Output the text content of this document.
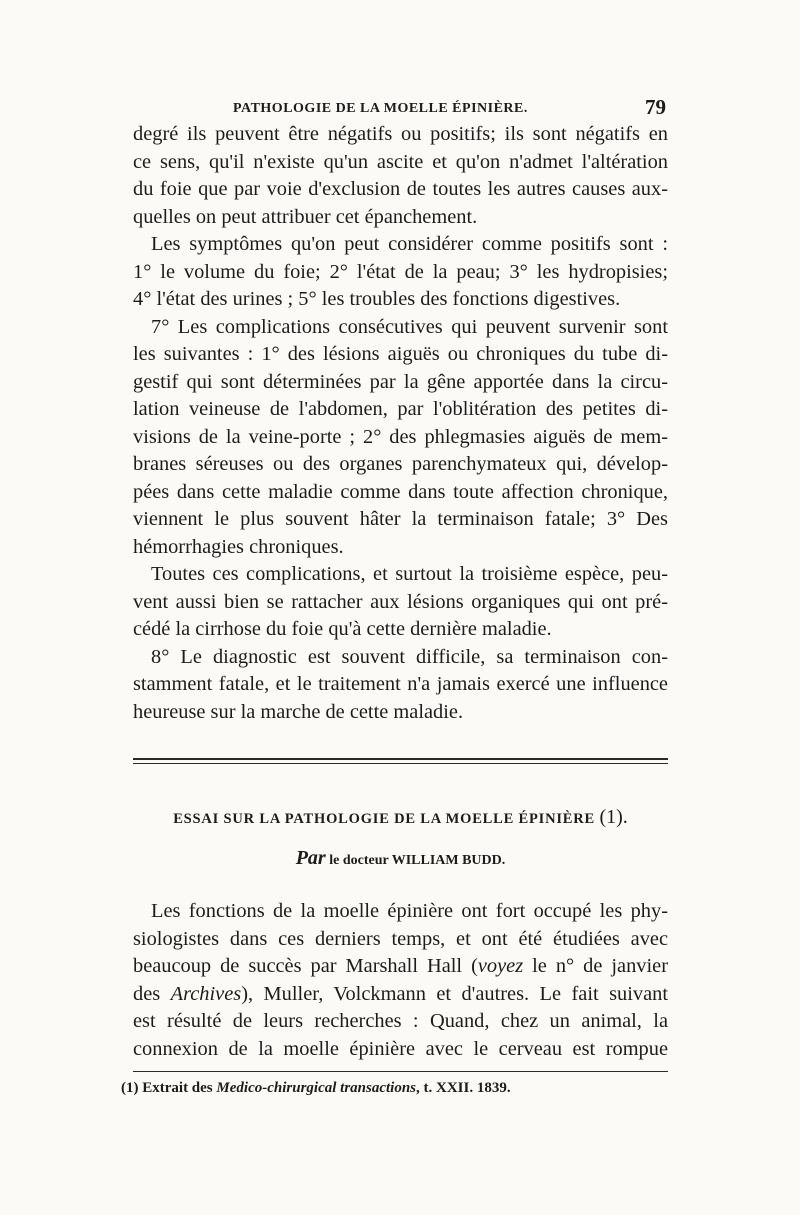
PATHOLOGIE DE LA MOELLE ÉPINIÈRE.	79

degré ils peuvent être négatifs ou positifs; ils sont négatifs en
ce sens, qu'il n'existe qu'un ascite et qu'on n'admet l'altération
du foie que par voie d'exclusion de toutes les autres causes aux-
quelles on peut attribuer cet épanchement.

Les symptômes qu'on peut considérer comme positifs sont :
1° le volume du foie; 2° l'état de la peau; 3° les hydropisies;
4° l'état des urines ; 5° les troubles des fonctions digestives.

7° Les complications consécutives qui peuvent survenir sont
les suivantes : 1° des lésions aiguës ou chroniques du tube di-
gestif qui sont déterminées par la gêne apportée dans la circu-
lation veineuse de l'abdomen, par l'oblitération des petites di-
visions de la veine-porte ; 2° des phlegmasies aiguës de mem-
branes séreuses ou des organes parenchymateux qui, dévelop-
pées dans cette maladie comme dans toute affection chronique,
viennent le plus souvent hâter la terminaison fatale; 3° Des
hémorrhagies chroniques.

Toutes ces complications, et surtout la troisième espèce, peu-
vent aussi bien se rattacher aux lésions organiques qui ont pré-
cédé la cirrhose du foie qu'à cette dernière maladie.

8° Le diagnostic est souvent difficile, sa terminaison con-
stamment fatale, et le traitement n'a jamais exercé une influence
heureuse sur la marche de cette maladie.

ESSAI SUR LA PATHOLOGIE DE LA MOELLE ÉPINIÈRE (1).
Par le docteur WILLIAM BUDD.

Les fonctions de la moelle épinière ont fort occupé les phy-
siologistes dans ces derniers temps, et ont été étudiées avec
beaucoup de succès par Marshall Hall (voyez le n° de janvier
des Archives), Muller, Volckmann et d'autres. Le fait suivant
est résulté de leurs recherches : Quand, chez un animal, la
connexion de la moelle épinière avec le cerveau est rompue

(1) Extrait des Medico-chirurgical transactions, t. XXII. 1839.
